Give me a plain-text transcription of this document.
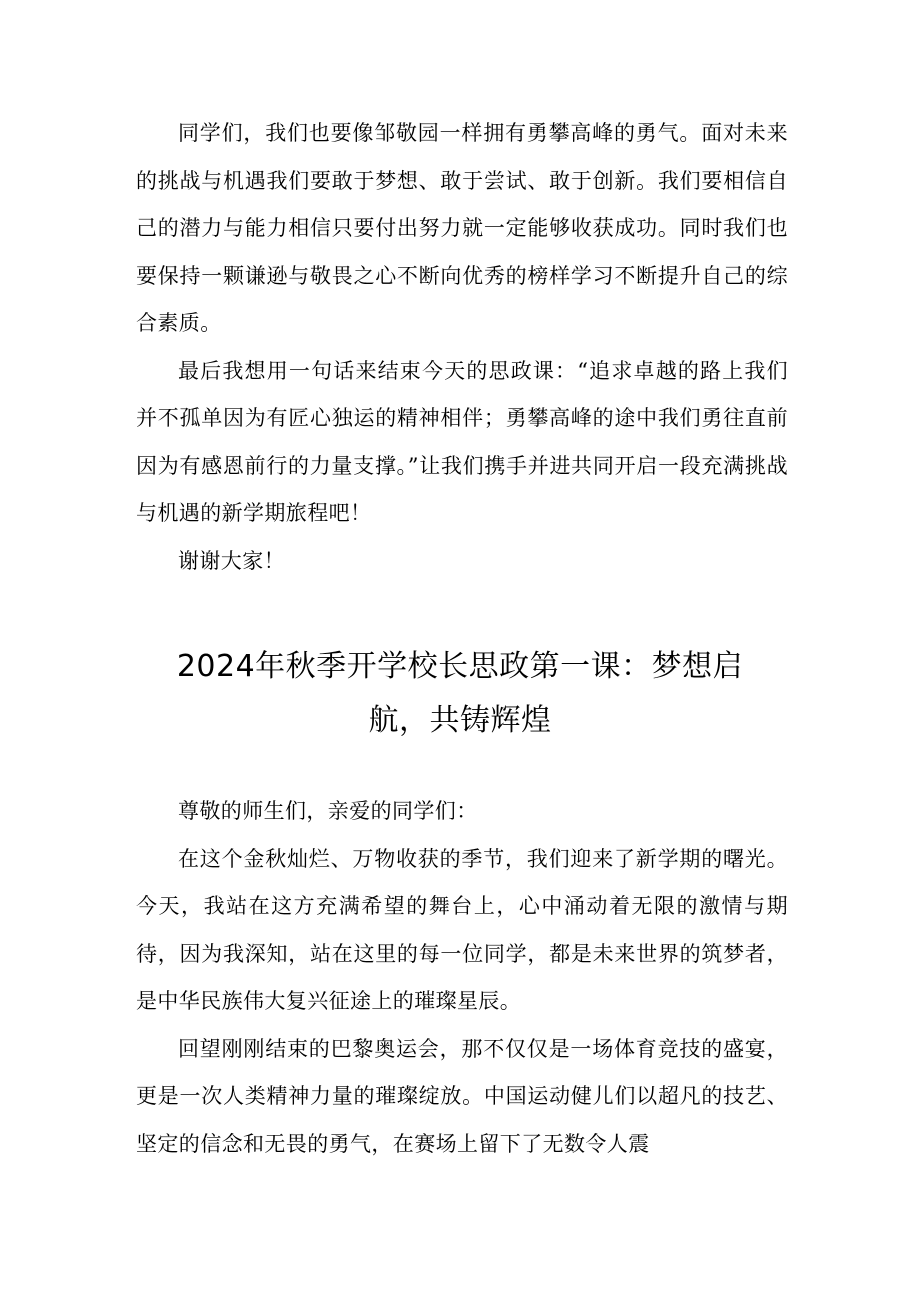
同学们，我们也要像邹敬园一样拥有勇攀高峰的勇气。面对未来的挑战与机遇我们要敢于梦想、敢于尝试、敢于创新。我们要相信自己的潜力与能力相信只要付出努力就一定能够收获成功。同时我们也要保持一颗谦逊与敬畏之心不断向优秀的榜样学习不断提升自己的综合素质。

最后我想用一句话来结束今天的思政课：“追求卓越的路上我们并不孤单因为有匠心独运的精神相伴；勇攀高峰的途中我们勇往直前因为有感恩前行的力量支撑。”让我们携手并进共同开启一段充满挑战与机遇的新学期旅程吧！

谢谢大家！

2024年秋季开学校长思政第一课：梦想启航，共铸辉煌

尊敬的师生们，亲爱的同学们：

在这个金秋灿烂、万物收获的季节，我们迎来了新学期的曙光。今天，我站在这方充满希望的舞台上，心中涌动着无限的激情与期待，因为我深知，站在这里的每一位同学，都是未来世界的筑梦者，是中华民族伟大复兴征途上的璀璨星辰。

回望刚刚结束的巴黎奥运会，那不仅仅是一场体育竞技的盛宴，更是一次人类精神力量的璀璨绽放。中国运动健儿们以超凡的技艺、坚定的信念和无畏的勇气，在赛场上留下了无数令人震
